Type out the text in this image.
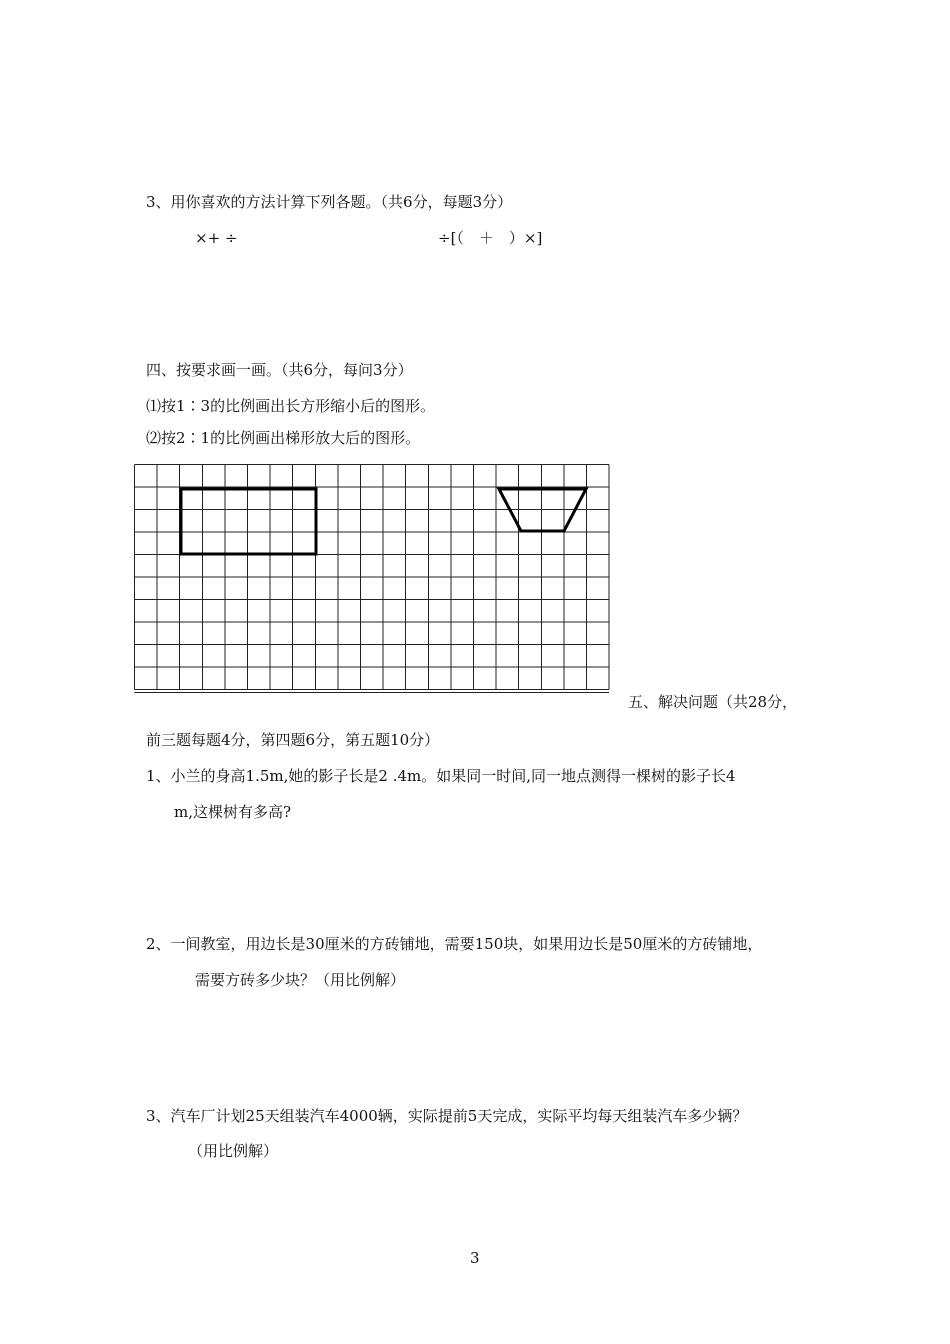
3、用你喜欢的方法计算下列各题。（共6分，每题3分）
×+ ÷	÷[（　＋　）×]
四、按要求画一画。（共6分，每问3分）
⑴按1∶3的比例画出长方形缩小后的图形。
⑵按2∶1的比例画出梯形放大后的图形。
五、解决问题（共28分，
前三题每题4分，第四题6分，第五题10分）
1、小兰的身高1.5m,她的影子长是2 .4m。如果同一时间,同一地点测得一棵树的影子长4
m,这棵树有多高?
2、一间教室，用边长是30厘米的方砖铺地，需要150块，如果用边长是50厘米的方砖铺地，
需要方砖多少块？（用比例解）
3、汽车厂计划25天组装汽车4000辆，实际提前5天完成，实际平均每天组装汽车多少辆？
（用比例解）
3
